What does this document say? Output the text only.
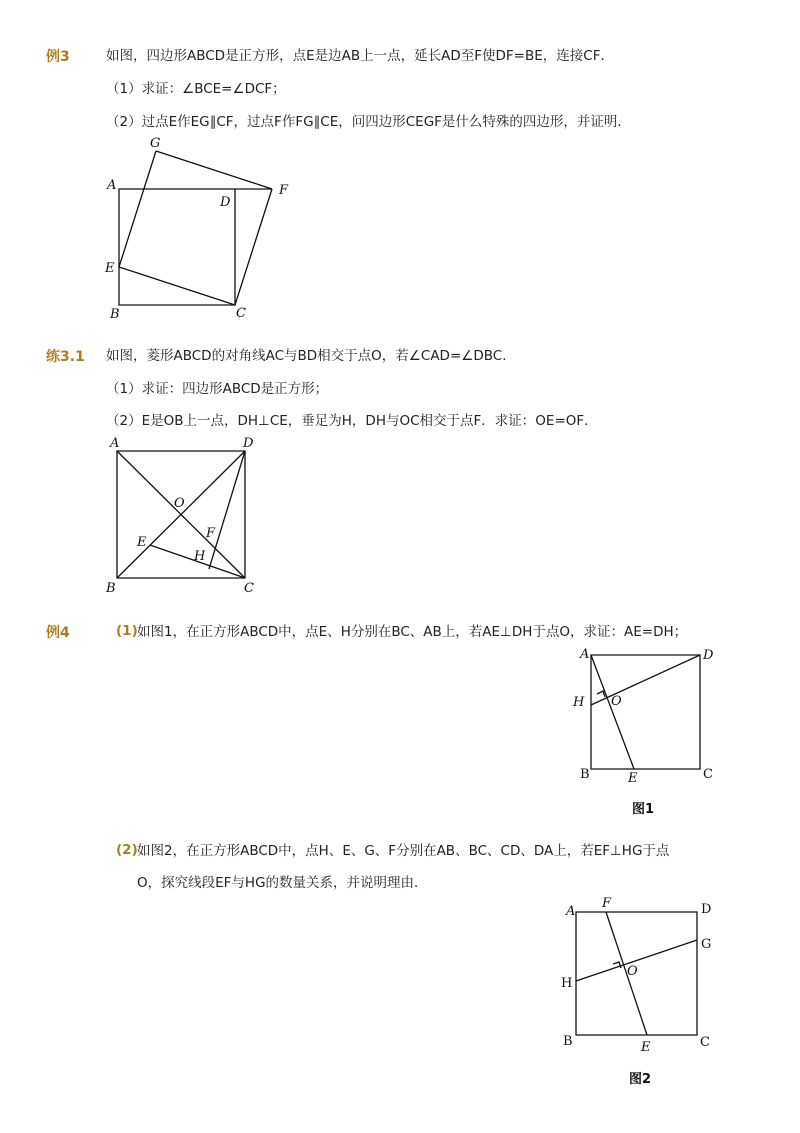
例3	如图，四边形ABCD是正方形，点E是边AB上一点，延长AD至F使DF=BE，连接CF．
（1）求证：∠BCE=∠DCF；
（2）过点E作EG∥CF，过点F作FG∥CE，问四边形CEGF是什么特殊的四边形，并证明．
G
A
D
F
E
B	C
练3.1 如图，菱形ABCD的对角线AC与BD相交于点O，若∠CAD=∠DBC．
（1）求证：四边形ABCD是正方形；
（2）E是OB上一点，DH⊥CE，垂足为H，DH与OC相交于点F．求证：OE=OF．
A	D
O
F
E
H
B	C
例4	(1) 如图1，在正方形ABCD中，点E、H分别在BC、AB上，若AE⊥DH于点O，求证：AE=DH；
A	D
H O
B	E	C
图1
(2) 如图2，在正方形ABCD中，点H、E、G、F分别在AB、BC、CD、DA上，若EF⊥HG于点
O，探究线段EF与HG的数量关系，并说明理由．
A
F	D
G
H
O
B	E	C
图2
